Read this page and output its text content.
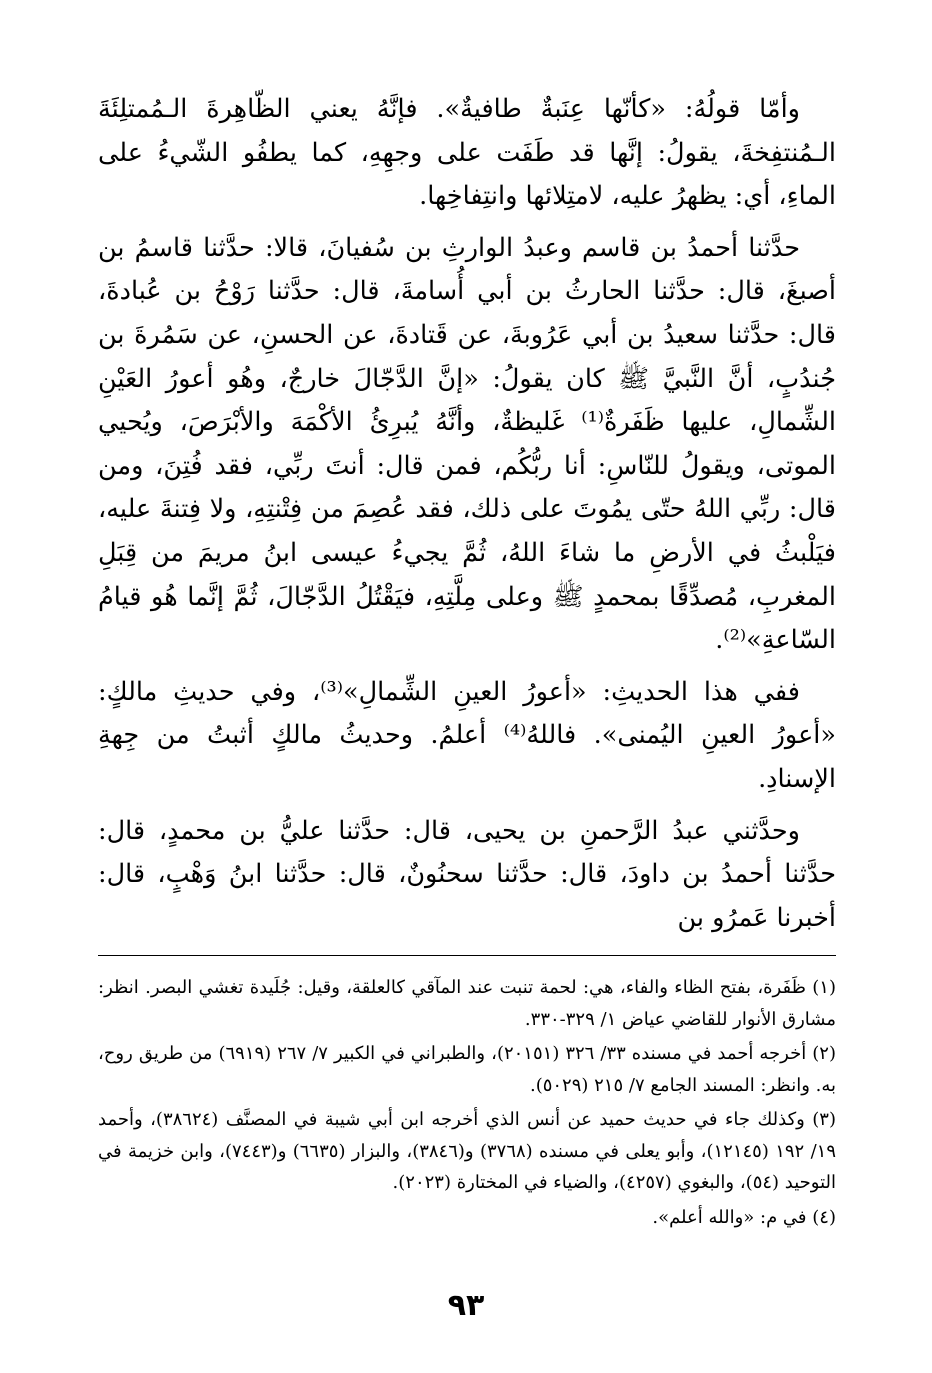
وأمّا قولُهُ: «كأنّها عِنَبةٌ طافيةٌ». فإنَّهُ يعني الظّاهِرةَ الـمُمتلِئَةَ الـمُنتفِخةَ، يقولُ: إنَّها قد طَفَت على وجهِهِ، كما يطفُو الشّيءُ على الماءِ، أي: يظهرُ عليه، لامتِلائها وانتِفاخِها.

حدَّثنا أحمدُ بن قاسم وعبدُ الوارثِ بن سُفيانَ، قالا: حدَّثنا قاسمُ بن أصبغَ، قال: حدَّثنا الحارثُ بن أبي أُسامةَ، قال: حدَّثنا رَوْحُ بن عُبادةَ، قال: حدَّثنا سعيدُ بن أبي عَرُوبةَ، عن قَتادةَ، عن الحسنِ، عن سَمُرةَ بن جُندُبٍ، أنَّ النَّبيَّ ﷺ كان يقولُ: «إنَّ الدَّجّالَ خارجٌ، وهُو أعورُ العَيْنِ الشِّمالِ، عليها ظَفَرةٌ⁽¹⁾ غَليظةٌ، وأنَّهُ يُبرِئُ الأكْمَهَ والأبْرَصَ، ويُحيي الموتى، ويقولُ للنّاسِ: أنا ربُّكُم، فمن قال: أنتَ ربِّي، فقد فُتِنَ، ومن قال: ربِّي اللهُ حتّى يمُوتَ على ذلك، فقد عُصِمَ من فِتْنتِهِ، ولا فِتنةَ عليه، فيَلْبثُ في الأرضِ ما شاءَ اللهُ، ثُمَّ يجيءُ عيسى ابنُ مريمَ من قِبَلِ المغربِ، مُصدِّقًا بمحمدٍ ﷺ وعلى مِلَّتِهِ، فيَقْتُلُ الدَّجّالَ، ثُمَّ إنَّما هُو قيامُ السّاعةِ»⁽²⁾.

ففي هذا الحديثِ: «أعورُ العينِ الشِّمالِ»⁽³⁾، وفي حديثِ مالكٍ: «أعورُ العينِ اليُمنى». فاللهُ⁽⁴⁾ أعلمُ. وحديثُ مالكٍ أثبتُ من جِهةِ الإسنادِ.

وحدَّثني عبدُ الرَّحمنِ بن يحيى، قال: حدَّثنا عليُّ بن محمدٍ، قال: حدَّثنا أحمدُ بن داودَ، قال: حدَّثنا سحنُونٌ، قال: حدَّثنا ابنُ وَهْبٍ، قال: أخبرنا عَمرُو بن

(١) ظَفَرة، بفتح الظاء والفاء، هي: لحمة تنبت عند المآقي كالعلقة، وقيل: جُلَيدة تغشي البصر. انظر: مشارق الأنوار للقاضي عياض ١/ ٣٢٩-٣٣٠.

(٢) أخرجه أحمد في مسنده ٣٣/ ٣٢٦ (٢٠١٥١)، والطبراني في الكبير ٧/ ٢٦٧ (٦٩١٩) من طريق روح، به. وانظر: المسند الجامع ٧/ ٢١٥ (٥٠٢٩).

(٣) وكذلك جاء في حديث حميد عن أنس الذي أخرجه ابن أبي شيبة في المصنَّف (٣٨٦٢٤)، وأحمد ١٩/ ١٩٢ (١٢١٤٥)، وأبو يعلى في مسنده (٣٧٦٨) و(٣٨٤٦)، والبزار (٦٦٣٥) و(٧٤٤٣)، وابن خزيمة في التوحيد (٥٤)، والبغوي (٤٢٥٧)، والضياء في المختارة (٢٠٢٣).

(٤) في م: «والله أعلم».

٩٣
